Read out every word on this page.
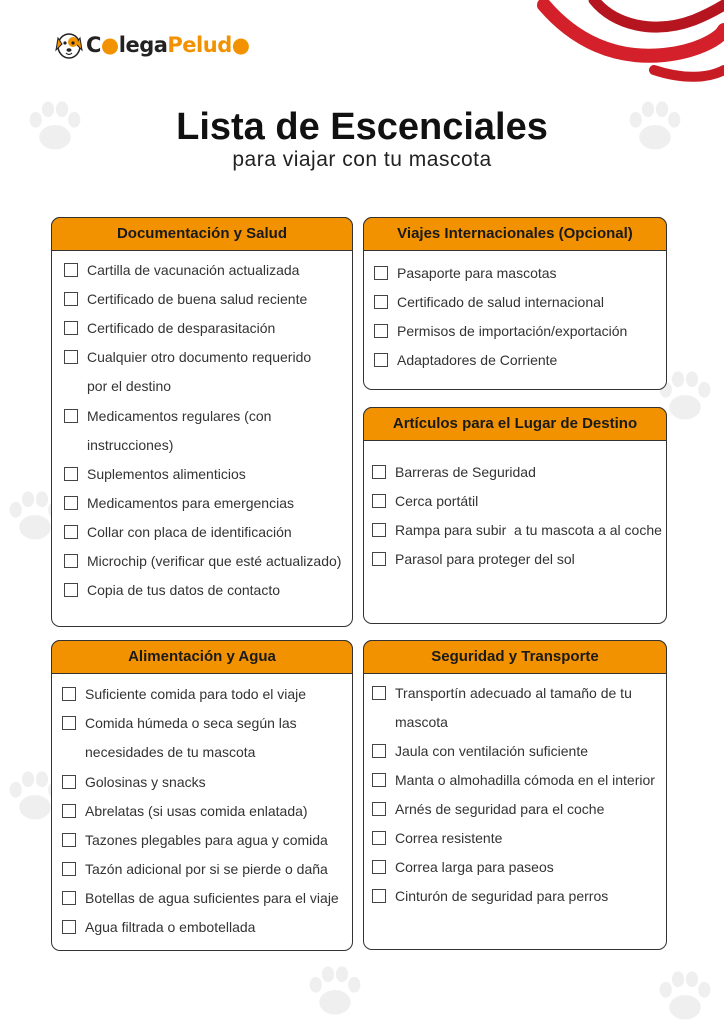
C●legaPelud●
Lista de Escenciales
para viajar con tu mascota
Documentación y Salud
Cartilla de vacunación actualizada
Certificado de buena salud reciente
Certificado de desparasitación
Cualquier otro documento requerido por el destino
Medicamentos regulares (con instrucciones)
Suplementos alimenticios
Medicamentos para emergencias
Collar con placa de identificación
Microchip (verificar que esté actualizado)
Copia de tus datos de contacto
Viajes Internacionales (Opcional)
Pasaporte para mascotas
Certificado de salud internacional
Permisos de importación/exportación
Adaptadores de Corriente
Artículos para el Lugar de Destino
Barreras de Seguridad
Cerca portátil
Rampa para subir  a tu mascota a al coche
Parasol para proteger del sol
Alimentación y Agua
Suficiente comida para todo el viaje
Comida húmeda o seca según las necesidades de tu mascota
Golosinas y snacks
Abrelatas (si usas comida enlatada)
Tazones plegables para agua y comida
Tazón adicional por si se pierde o daña
Botellas de agua suficientes para el viaje
Agua filtrada o embotellada
Seguridad y Transporte
Transportín adecuado al tamaño de tu mascota
Jaula con ventilación suficiente
Manta o almohadilla cómoda en el interior
Arnés de seguridad para el coche
Correa resistente
Correa larga para paseos
Cinturón de seguridad para perros
